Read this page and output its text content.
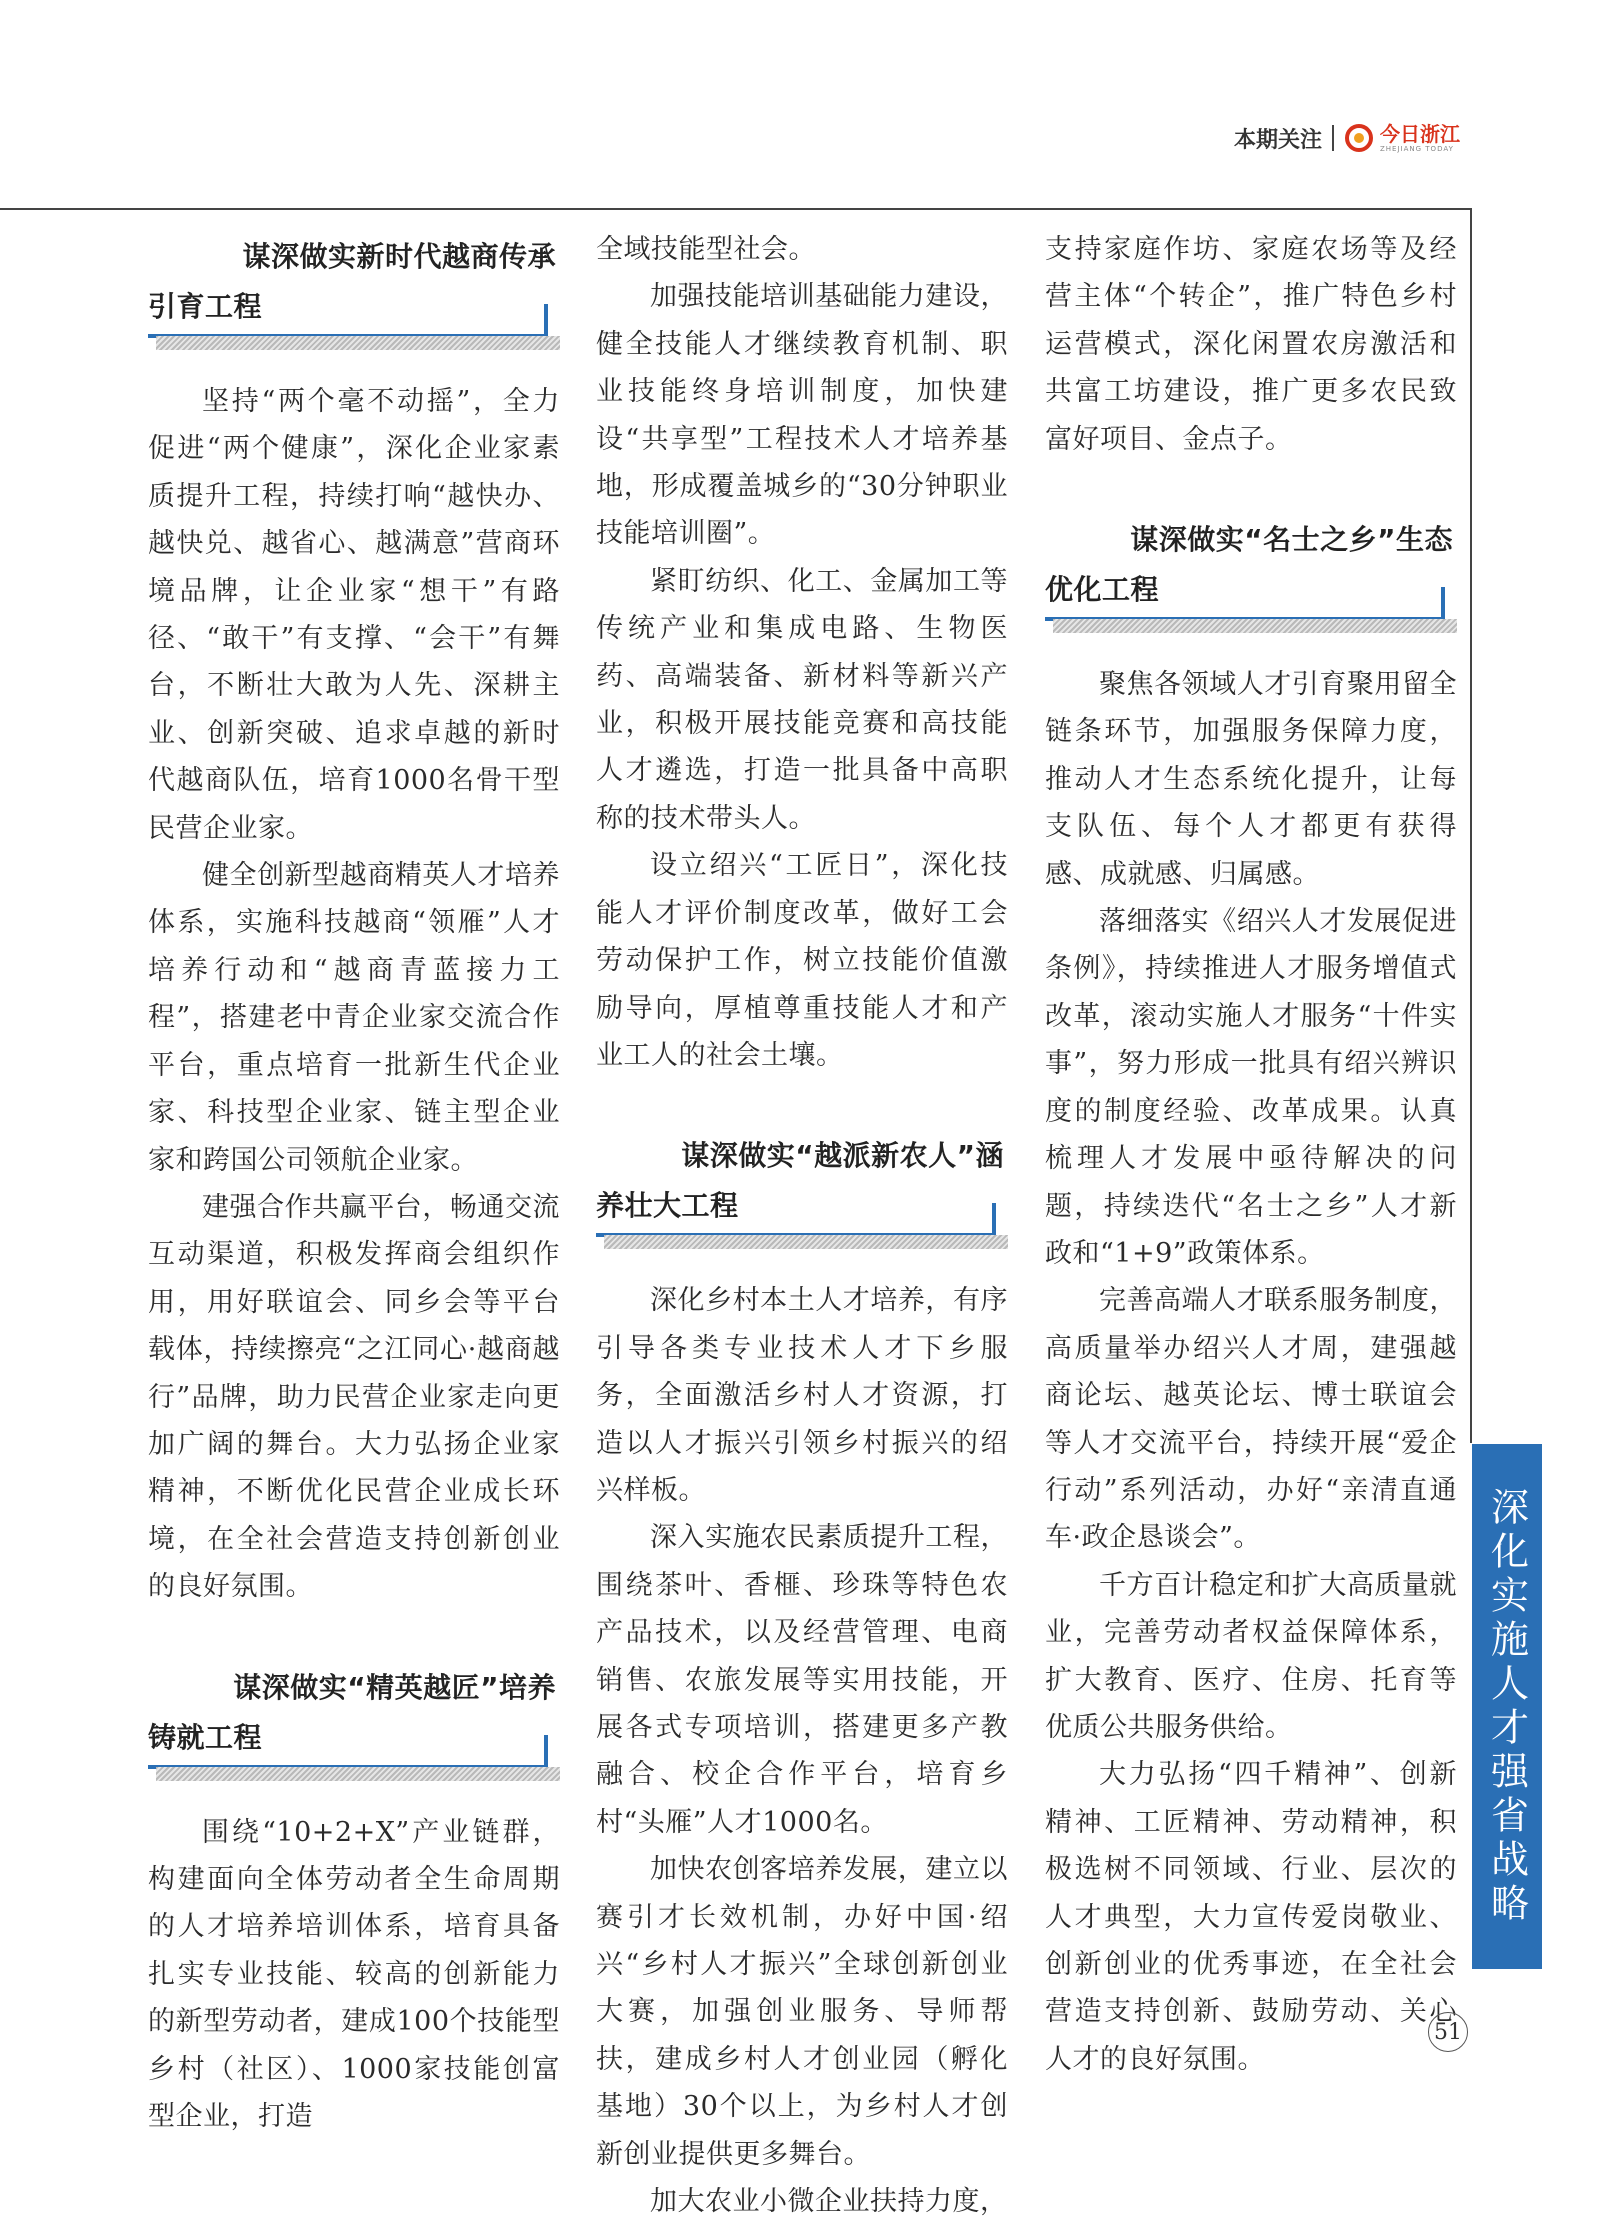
本期关注	今日浙江
ZHEJIANG TODAY
谋深做实新时代越商传承
引育工程

坚持“两个毫不动摇”，全力促进“两个健康”，深化企业家素质提升工程，持续打响“越快办、越快兑、越省心、越满意”营商环境品牌，让企业家“想干”有路径、“敢干”有支撑、“会干”有舞台，不断壮大敢为人先、深耕主业、创新突破、追求卓越的新时代越商队伍，培育1000名骨干型民营企业家。

健全创新型越商精英人才培养体系，实施科技越商“领雁”人才培养行动和“越商青蓝接力工程”，搭建老中青企业家交流合作平台，重点培育一批新生代企业家、科技型企业家、链主型企业家和跨国公司领航企业家。

建强合作共赢平台，畅通交流互动渠道，积极发挥商会组织作用，用好联谊会、同乡会等平台载体，持续擦亮“之江同心·越商越行”品牌，助力民营企业家走向更加广阔的舞台。大力弘扬企业家精神，不断优化民营企业成长环境，在全社会营造支持创新创业的良好氛围。

谋深做实“精英越匠”培养
铸就工程

围绕“10+2+X”产业链群，构建面向全体劳动者全生命周期的人才培养培训体系，培育具备扎实专业技能、较高的创新能力的新型劳动者，建成100个技能型乡村（社区）、1000家技能创富型企业，打造

全域技能型社会。

加强技能培训基础能力建设，健全技能人才继续教育机制、职业技能终身培训制度，加快建设“共享型”工程技术人才培养基地，形成覆盖城乡的“30分钟职业技能培训圈”。

紧盯纺织、化工、金属加工等传统产业和集成电路、生物医药、高端装备、新材料等新兴产业，积极开展技能竞赛和高技能人才遴选，打造一批具备中高职称的技术带头人。

设立绍兴“工匠日”，深化技能人才评价制度改革，做好工会劳动保护工作，树立技能价值激励导向，厚植尊重技能人才和产业工人的社会土壤。

谋深做实“越派新农人”涵
养壮大工程

深化乡村本土人才培养，有序引导各类专业技术人才下乡服务，全面激活乡村人才资源，打造以人才振兴引领乡村振兴的绍兴样板。

深入实施农民素质提升工程，围绕茶叶、香榧、珍珠等特色农产品技术，以及经营管理、电商销售、农旅发展等实用技能，开展各式专项培训，搭建更多产教融合、校企合作平台，培育乡村“头雁”人才1000名。

加快农创客培养发展，建立以赛引才长效机制，办好中国·绍兴“乡村人才振兴”全球创新创业大赛，加强创业服务、导师帮扶，建成乡村人才创业园（孵化基地）30个以上，为乡村人才创新创业提供更多舞台。

加大农业小微企业扶持力度，

支持家庭作坊、家庭农场等及经营主体“个转企”，推广特色乡村运营模式，深化闲置农房激活和共富工坊建设，推广更多农民致富好项目、金点子。

谋深做实“名士之乡”生态
优化工程

聚焦各领域人才引育聚用留全链条环节，加强服务保障力度，推动人才生态系统化提升，让每支队伍、每个人才都更有获得感、成就感、归属感。

落细落实《绍兴人才发展促进条例》，持续推进人才服务增值式改革，滚动实施人才服务“十件实事”，努力形成一批具有绍兴辨识度的制度经验、改革成果。认真梳理人才发展中亟待解决的问题，持续迭代“名士之乡”人才新政和“1+9”政策体系。

完善高端人才联系服务制度，高质量举办绍兴人才周，建强越商论坛、越英论坛、博士联谊会等人才交流平台，持续开展“爱企行动”系列活动，办好“亲清直通车·政企恳谈会”。

千方百计稳定和扩大高质量就业，完善劳动者权益保障体系，扩大教育、医疗、住房、托育等优质公共服务供给。

大力弘扬“四千精神”、创新精神、工匠精神、劳动精神，积极选树不同领域、行业、层次的人才典型，大力宣传爱岗敬业、创新创业的优秀事迹，在全社会营造支持创新、鼓励劳动、关心人才的良好氛围。

深化实施人才强省战略
51
